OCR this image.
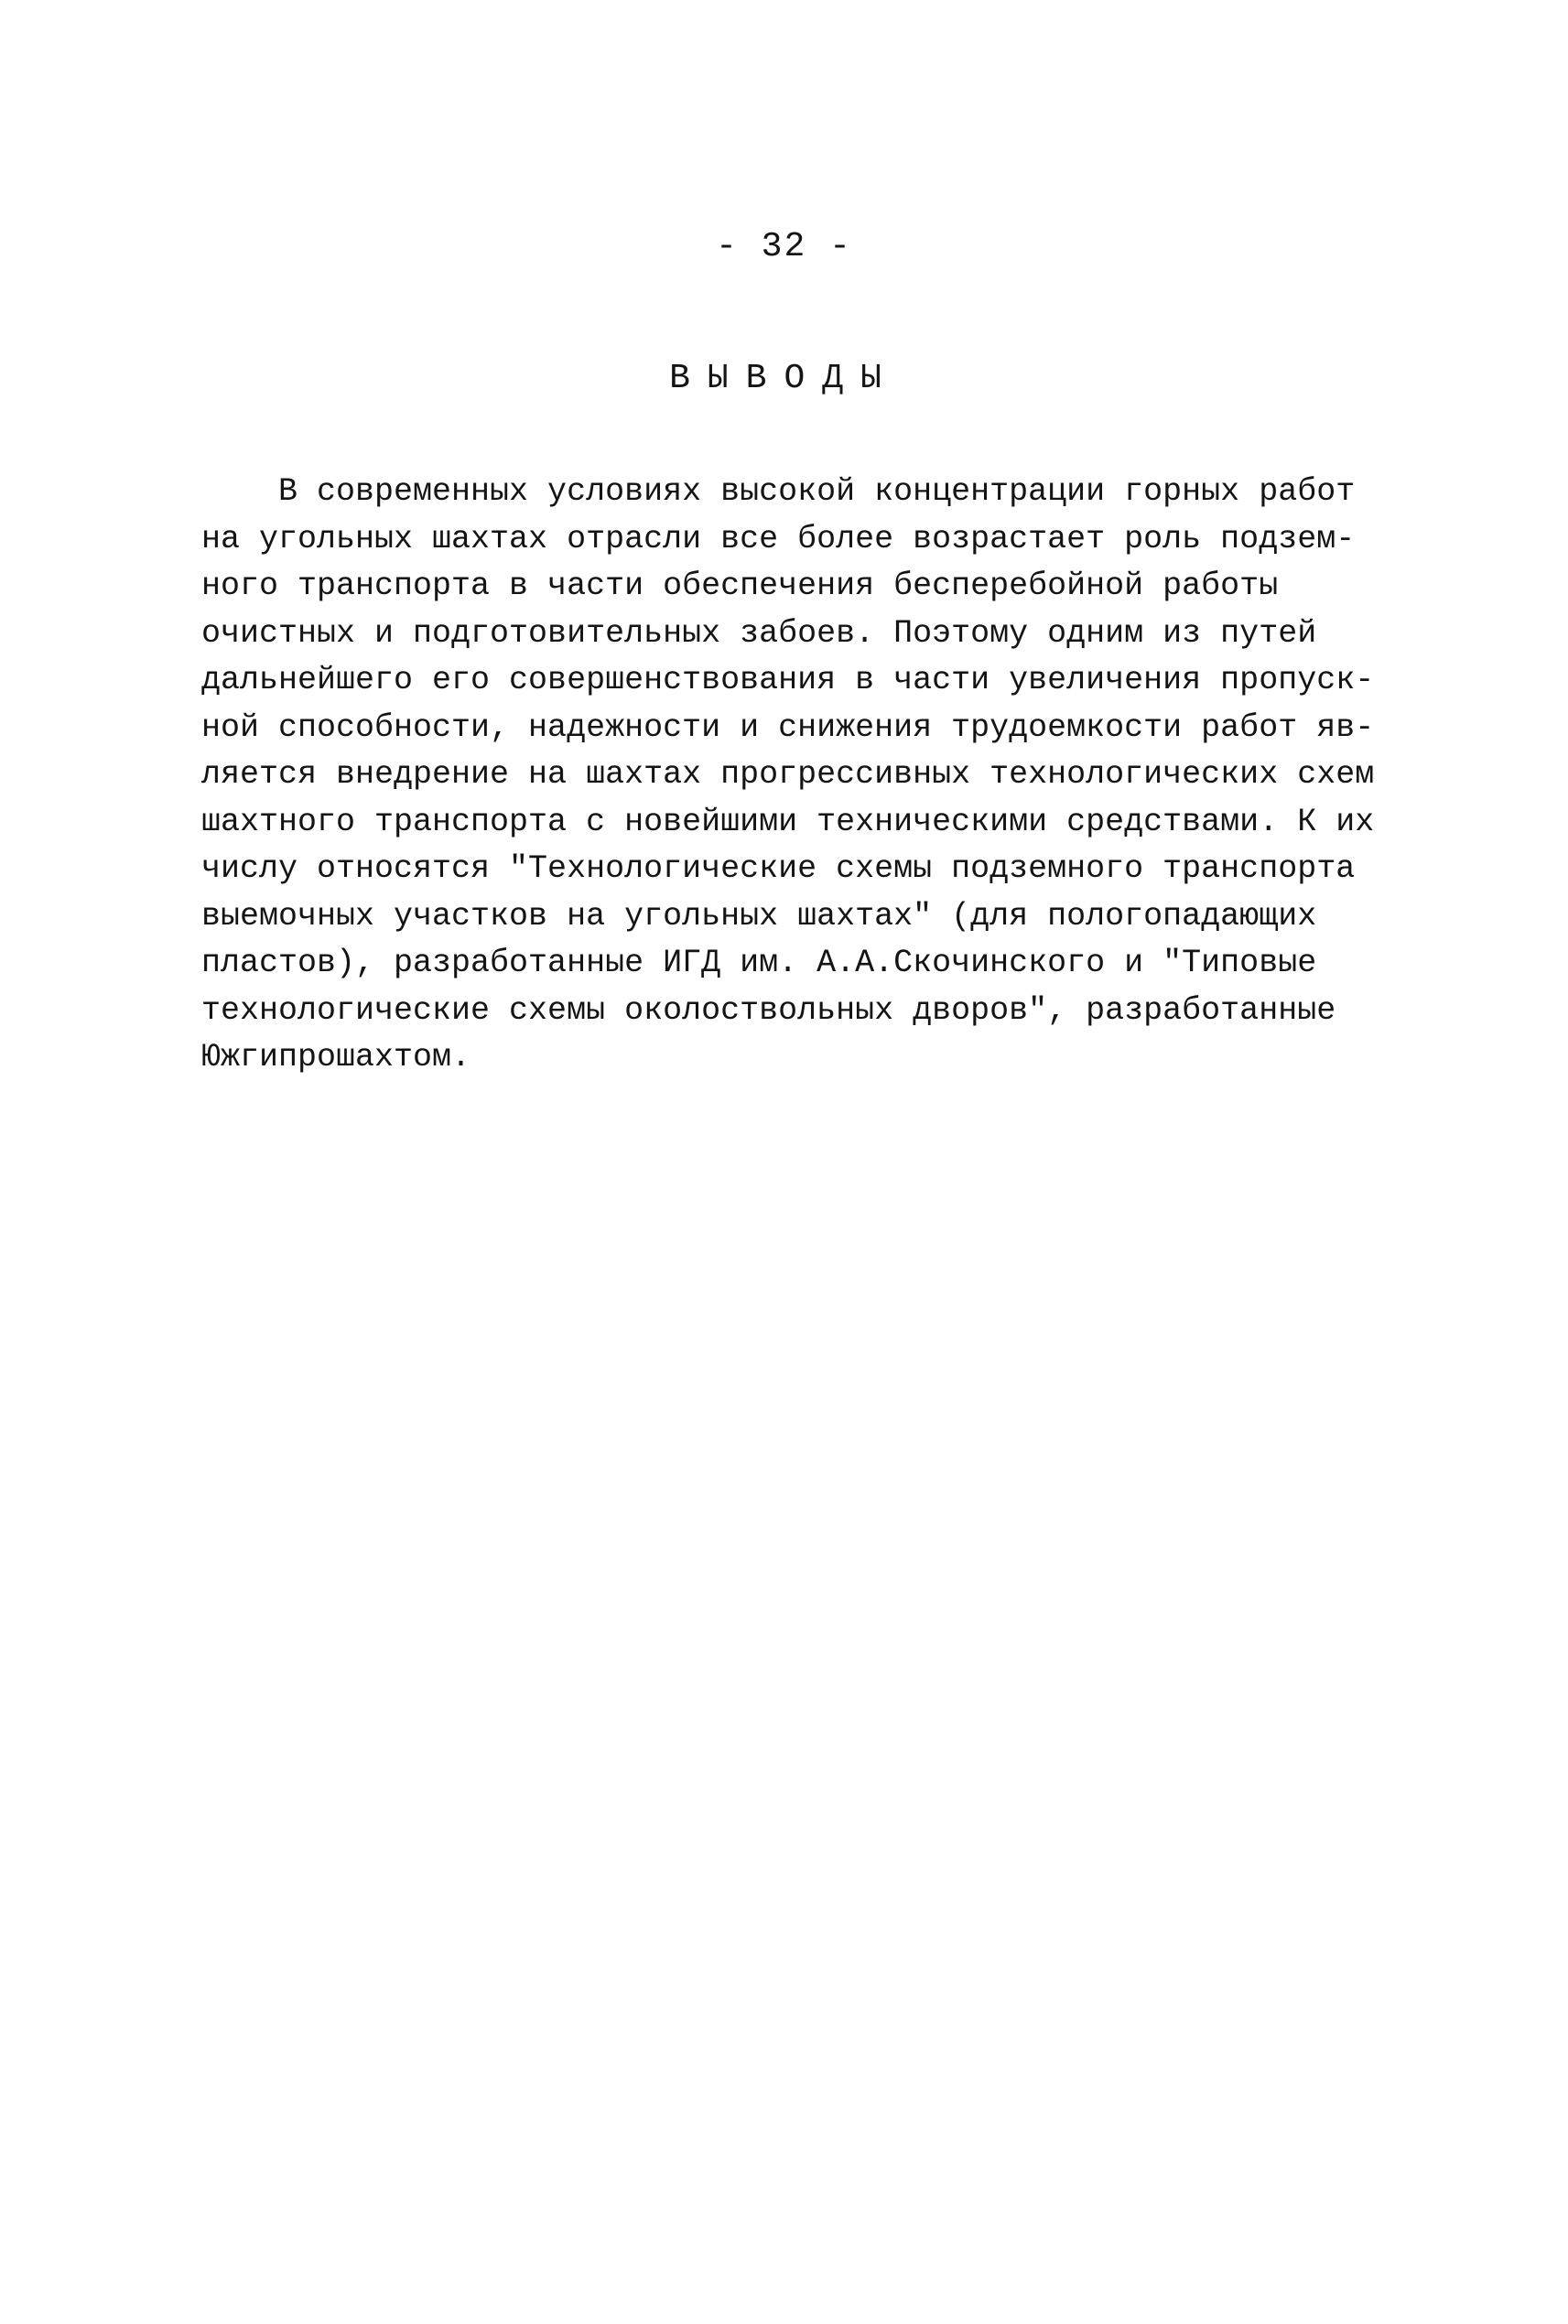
- 32 -
ВЫВОДЫ
В современных условиях высокой концентрации горных работ
на угольных шахтах отрасли все более возрастает роль подзем-
ного транспорта в части обеспечения бесперебойной работы
очистных и подготовительных забоев. Поэтому одним из путей
дальнейшего его совершенствования в части увеличения пропуск-
ной способности, надежности и снижения трудоемкости работ яв-
ляется внедрение на шахтах прогрессивных технологических схем
шахтного транспорта с новейшими техническими средствами. К их
числу относятся "Технологические схемы подземного транспорта
выемочных участков на угольных шахтах" (для пологопадающих
пластов), разработанные ИГД им. А.А.Скочинского и "Типовые
технологические схемы околоствольных дворов", разработанные
Южгипрошахтом.
